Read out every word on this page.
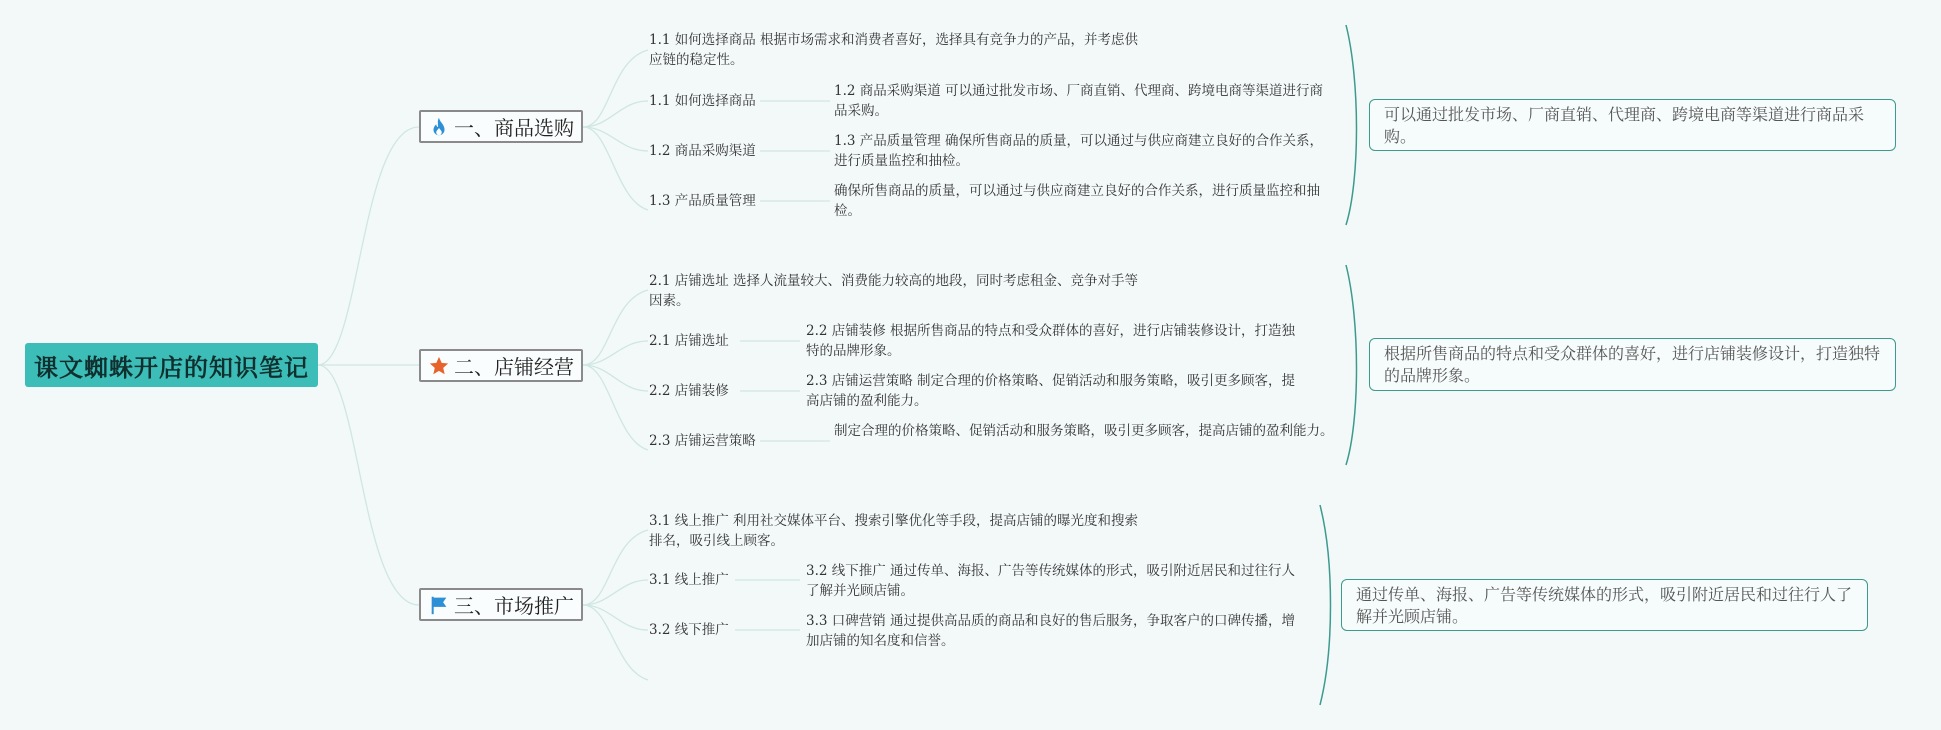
课文蜘蛛开店的知识笔记
一、商品选购
1.1 如何选择商品 根据市场需求和消费者喜好，选择具有竞争力的产品，并考虑供应链的稳定性。
1.1 如何选择商品
1.2 商品采购渠道
1.3 产品质量管理
1.2 商品采购渠道 可以通过批发市场、厂商直销、代理商、跨境电商等渠道进行商品采购。
1.3 产品质量管理 确保所售商品的质量，可以通过与供应商建立良好的合作关系，进行质量监控和抽检。
确保所售商品的质量，可以通过与供应商建立良好的合作关系，进行质量监控和抽检。
可以通过批发市场、厂商直销、代理商、跨境电商等渠道进行商品采购。
二、店铺经营
2.1 店铺选址 选择人流量较大、消费能力较高的地段，同时考虑租金、竞争对手等因素。
2.1 店铺选址
2.2 店铺装修
2.3 店铺运营策略
2.2 店铺装修 根据所售商品的特点和受众群体的喜好，进行店铺装修设计，打造独特的品牌形象。
2.3 店铺运营策略 制定合理的价格策略、促销活动和服务策略，吸引更多顾客，提高店铺的盈利能力。
制定合理的价格策略、促销活动和服务策略，吸引更多顾客，提高店铺的盈利能力。
根据所售商品的特点和受众群体的喜好，进行店铺装修设计，打造独特的品牌形象。
三、市场推广
3.1 线上推广 利用社交媒体平台、搜索引擎优化等手段，提高店铺的曝光度和搜索排名，吸引线上顾客。
3.1 线上推广
3.2 线下推广
3.2 线下推广 通过传单、海报、广告等传统媒体的形式，吸引附近居民和过往行人了解并光顾店铺。
3.3 口碑营销 通过提供高品质的商品和良好的售后服务，争取客户的口碑传播，增加店铺的知名度和信誉。
通过传单、海报、广告等传统媒体的形式，吸引附近居民和过往行人了解并光顾店铺。
